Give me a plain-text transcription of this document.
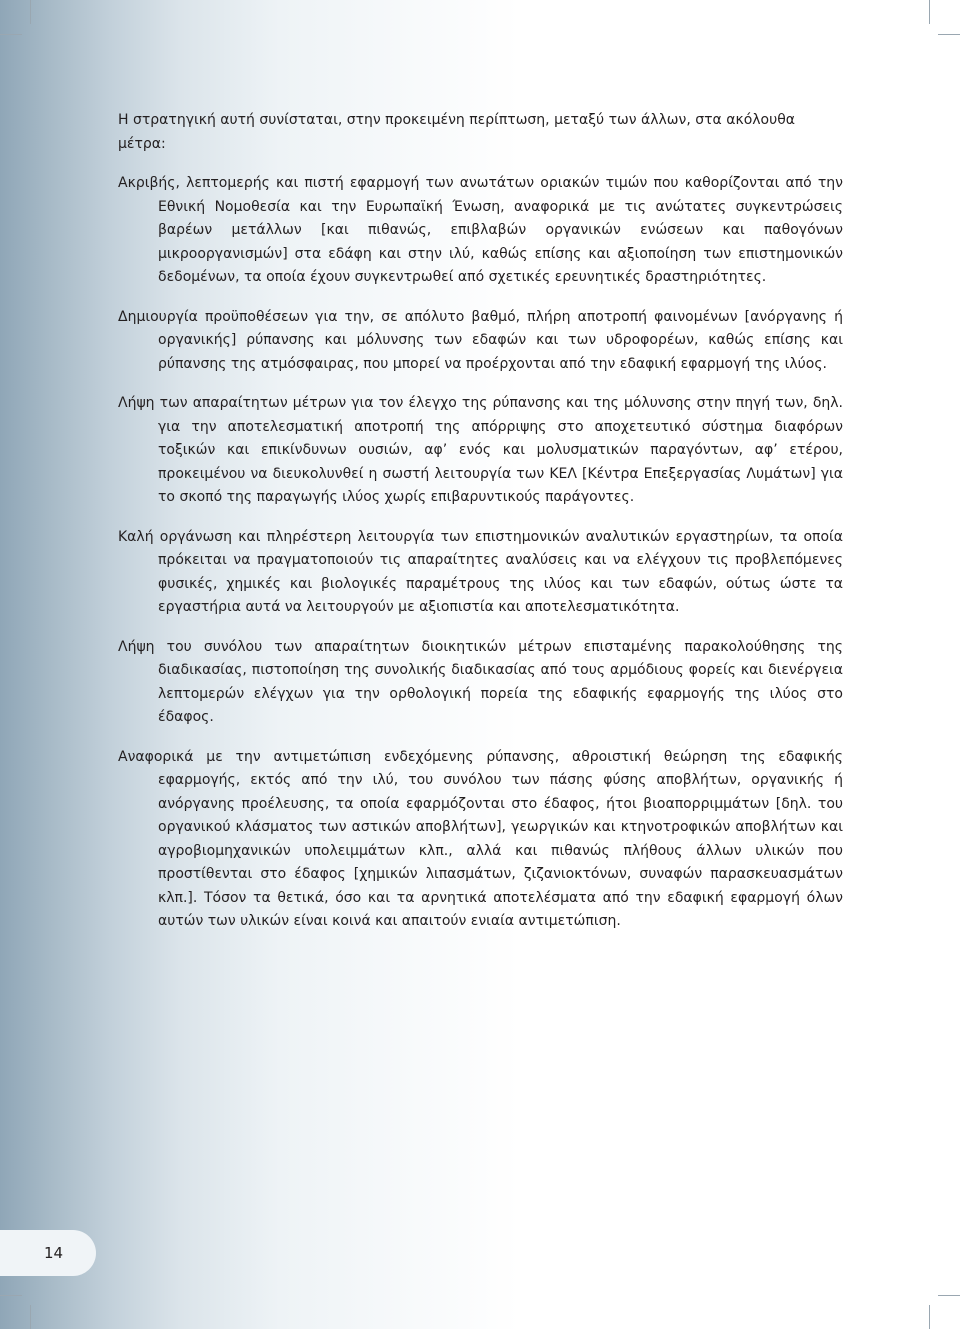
Η στρατηγική αυτή συνίσταται, στην προκειμένη περίπτωση, μεταξύ των άλλων, στα ακόλουθα μέτρα:

Ακριβής, λεπτομερής και πιστή εφαρμογή των ανωτάτων οριακών τιμών που καθορίζονται από την Εθνική Νομοθεσία και την Ευρωπαϊκή Ένωση, αναφορικά με τις ανώτατες συγκεντρώσεις βαρέων μετάλλων [και πιθανώς, επιβλαβών οργανικών ενώσεων και παθογόνων μικροοργανισμών] στα εδάφη και στην ιλύ, καθώς επίσης και αξιοποίηση των επιστημονικών δεδομένων, τα οποία έχουν συγκεντρωθεί από σχετικές ερευνητικές δραστηριότητες.

Δημιουργία προϋποθέσεων για την, σε απόλυτο βαθμό, πλήρη αποτροπή φαινομένων [ανόργανης ή οργανικής] ρύπανσης και μόλυνσης των εδαφών και των υδροφορέων, καθώς επίσης και ρύπανσης της ατμόσφαιρας, που μπορεί να προέρχονται από την εδαφική εφαρμογή της ιλύος.

Λήψη των απαραίτητων μέτρων για τον έλεγχο της ρύπανσης και της μόλυνσης στην πηγή των, δηλ. για την αποτελεσματική αποτροπή της απόρριψης στο αποχετευτικό σύστημα διαφόρων τοξικών και επικίνδυνων ουσιών, αφ’ ενός και μολυσματικών παραγόντων, αφ’ ετέρου, προκειμένου να διευκολυνθεί η σωστή λειτουργία των ΚΕΛ [Κέντρα Επεξεργασίας Λυμάτων] για το σκοπό της παραγωγής ιλύος χωρίς επιβαρυντικούς παράγοντες.

Καλή οργάνωση και πληρέστερη λειτουργία των επιστημονικών αναλυτικών εργαστηρίων, τα οποία πρόκειται να πραγματοποιούν τις απαραίτητες αναλύσεις και να ελέγχουν τις προβλεπόμενες φυσικές, χημικές και βιολογικές παραμέτρους της ιλύος και των εδαφών, ούτως ώστε τα εργαστήρια αυτά να λειτουργούν με αξιοπιστία και αποτελεσματικότητα.

Λήψη του συνόλου των απαραίτητων διοικητικών μέτρων επισταμένης παρακολούθησης της διαδικασίας, πιστοποίηση της συνολικής διαδικασίας από τους αρμόδιους φορείς και διενέργεια λεπτομερών ελέγχων για την ορθολογική πορεία της εδαφικής εφαρμογής της ιλύος στο έδαφος.

Αναφορικά με την αντιμετώπιση ενδεχόμενης ρύπανσης, αθροιστική θεώρηση της εδαφικής εφαρμογής, εκτός από την ιλύ, του συνόλου των πάσης φύσης αποβλήτων, οργανικής ή ανόργανης προέλευσης, τα οποία εφαρμόζονται στο έδαφος, ήτοι βιοαπορριμμάτων [δηλ. του οργανικού κλάσματος των αστικών αποβλήτων], γεωργικών και κτηνοτροφικών αποβλήτων και αγροβιομηχανικών υπολειμμάτων κλπ., αλλά και πιθανώς πλήθους άλλων υλικών που προστίθενται στο έδαφος [χημικών λιπασμάτων, ζιζανιοκτόνων, συναφών παρασκευασμάτων κλπ.]. Τόσον τα θετικά, όσο και τα αρνητικά αποτελέσματα από την εδαφική εφαρμογή όλων αυτών των υλικών είναι κοινά και απαιτούν ενιαία αντιμετώπιση.

14
